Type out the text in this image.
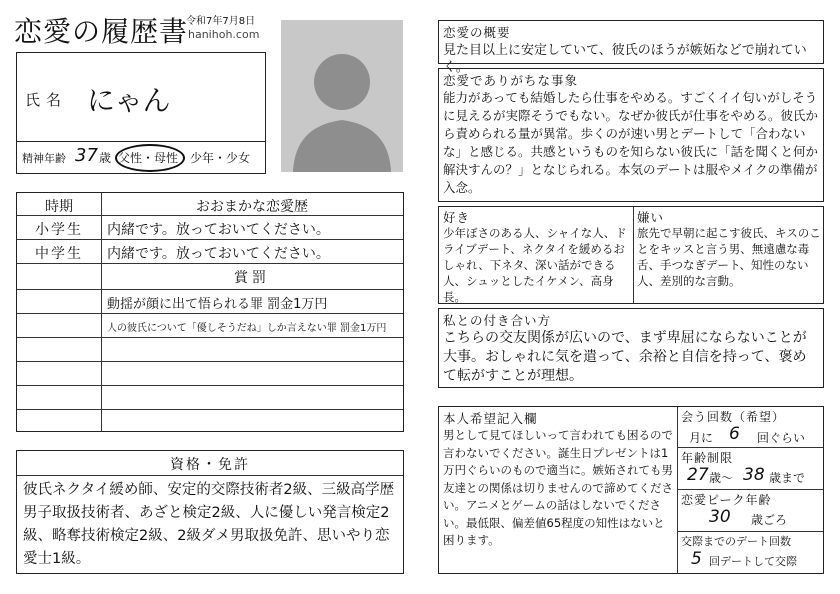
恋愛の履歴書
令和7年7月8日
hanihoh.com
氏名 にゃん
精神年齢 37 歳 父性・母性・少年・少女
時期	おおまかな恋愛歴
小学生	内緒です。放っておいてください。
中学生	内緒です。放っておいてください。
賞罰
動揺が顔に出て悟られる罪 罰金1万円
人の彼氏について「優しそうだね」しか言えない罪 罰金1万円
資格・免許
彼氏ネクタイ緩め師、安定的交際技術者2級、三級高学歴男子取扱技術者、あざと検定2級、人に優しい発言検定2級、略奪技術検定2級、2級ダメ男取扱免許、思いやり恋愛士1級。
恋愛の概要
見た目以上に安定していて、彼氏のほうが嫉妬などで崩れていく。
恋愛でありがちな事象
能力があっても結婚したら仕事をやめる。すごくイイ匂いがしそうに見えるが実際そうでもない。なぜか彼氏が仕事をやめる。彼氏から責められる量が異常。歩くのが速い男とデートして「合わないな」と感じる。共感というものを知らない彼氏に「話を聞くと何か解決すんの？」となじられる。本気のデートは服やメイクの準備が入念。
好き
少年ぼさのある人、シャイな人、ドライブデート、ネクタイを緩めるおしゃれ、下ネタ、深い話ができる人、シュッとしたイケメン、高身長。
嫌い
旅先で早朝に起こす彼氏、キスのことをキッスと言う男、無遠慮な毒舌、手つなぎデート、知性のない人、差別的な言動。
私との付き合い方
こちらの交友関係が広いので、まず卑屈にならないことが大事。おしゃれに気を遣って、余裕と自信を持って、褒めて転がすことが理想。
本人希望記入欄
男として見てほしいって言われても困るので言わないでください。誕生日プレゼントは1万円ぐらいのもので適当に。嫉妬されても男友達との関係は切りませんので諦めてください。アニメとゲームの話はしないでください。最低限、偏差値65程度の知性はないと困ります。
会う回数（希望）
月に 6 回ぐらい
年齢制限
27 歳～ 38 歳まで
恋愛ピーク年齢
30 歳ごろ
交際までのデート回数
5 回デートして交際
